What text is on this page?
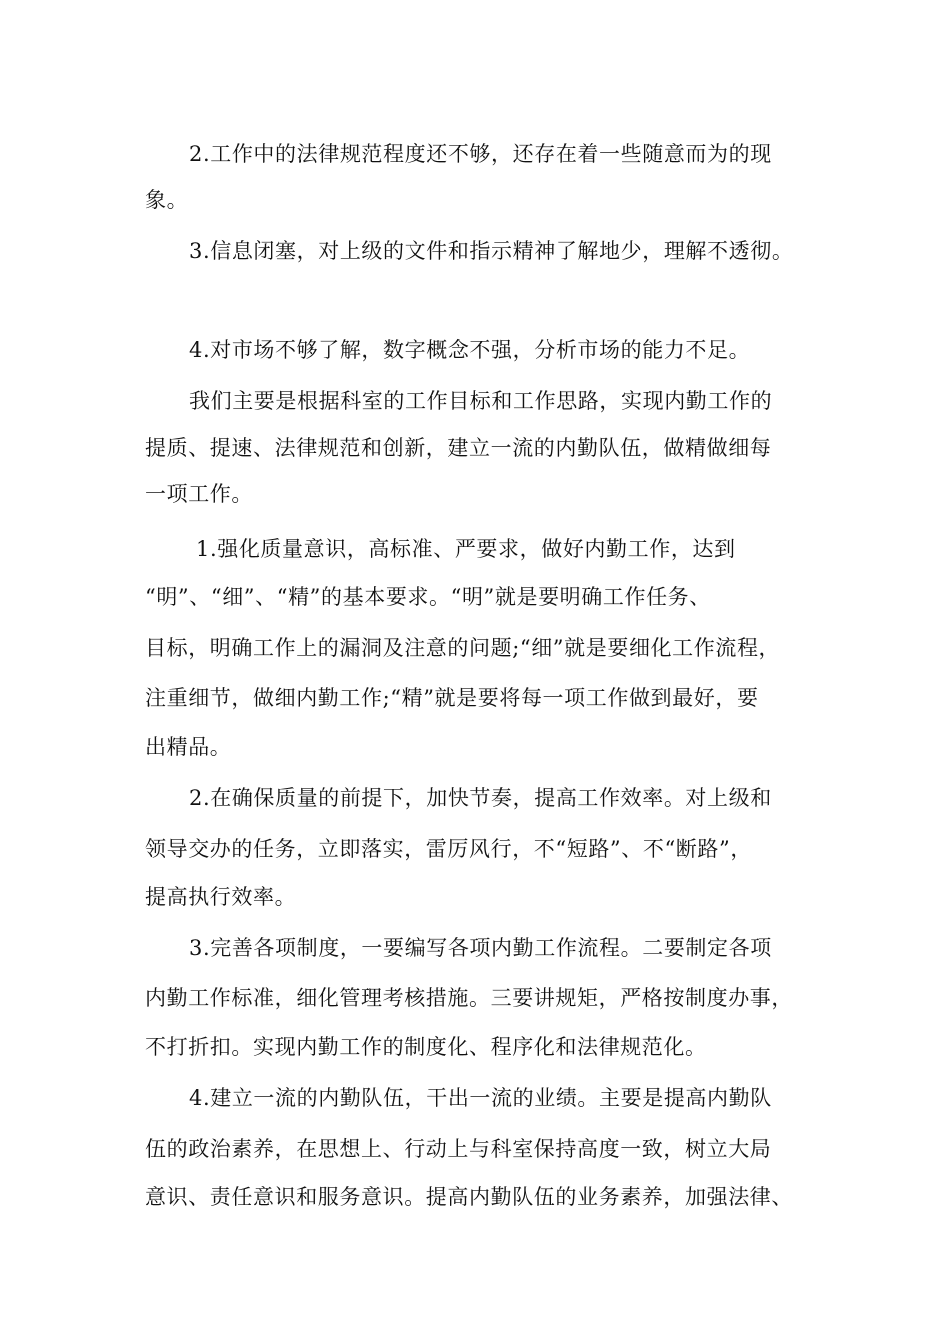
2.工作中的法律规范程度还不够，还存在着一些随意而为的现
象。
3.信息闭塞，对上级的文件和指示精神了解地少，理解不透彻。
4.对市场不够了解，数字概念不强，分析市场的能力不足。
我们主要是根据科室的工作目标和工作思路，实现内勤工作的
提质、提速、法律规范和创新，建立一流的内勤队伍，做精做细每
一项工作。
1.强化质量意识，高标准、严要求，做好内勤工作，达到
“明”、“细”、“精”的基本要求。“明”就是要明确工作任务、
目标，明确工作上的漏洞及注意的问题;“细”就是要细化工作流程，
注重细节，做细内勤工作;“精”就是要将每一项工作做到最好，要
出精品。
2.在确保质量的前提下，加快节奏，提高工作效率。对上级和
领导交办的任务，立即落实，雷厉风行，不“短路”、不“断路”，
提高执行效率。
3.完善各项制度，一要编写各项内勤工作流程。二要制定各项
内勤工作标准，细化管理考核措施。三要讲规矩，严格按制度办事，
不打折扣。实现内勤工作的制度化、程序化和法律规范化。
4.建立一流的内勤队伍，干出一流的业绩。主要是提高内勤队
伍的政治素养，在思想上、行动上与科室保持高度一致，树立大局
意识、责任意识和服务意识。提高内勤队伍的业务素养，加强法律、
